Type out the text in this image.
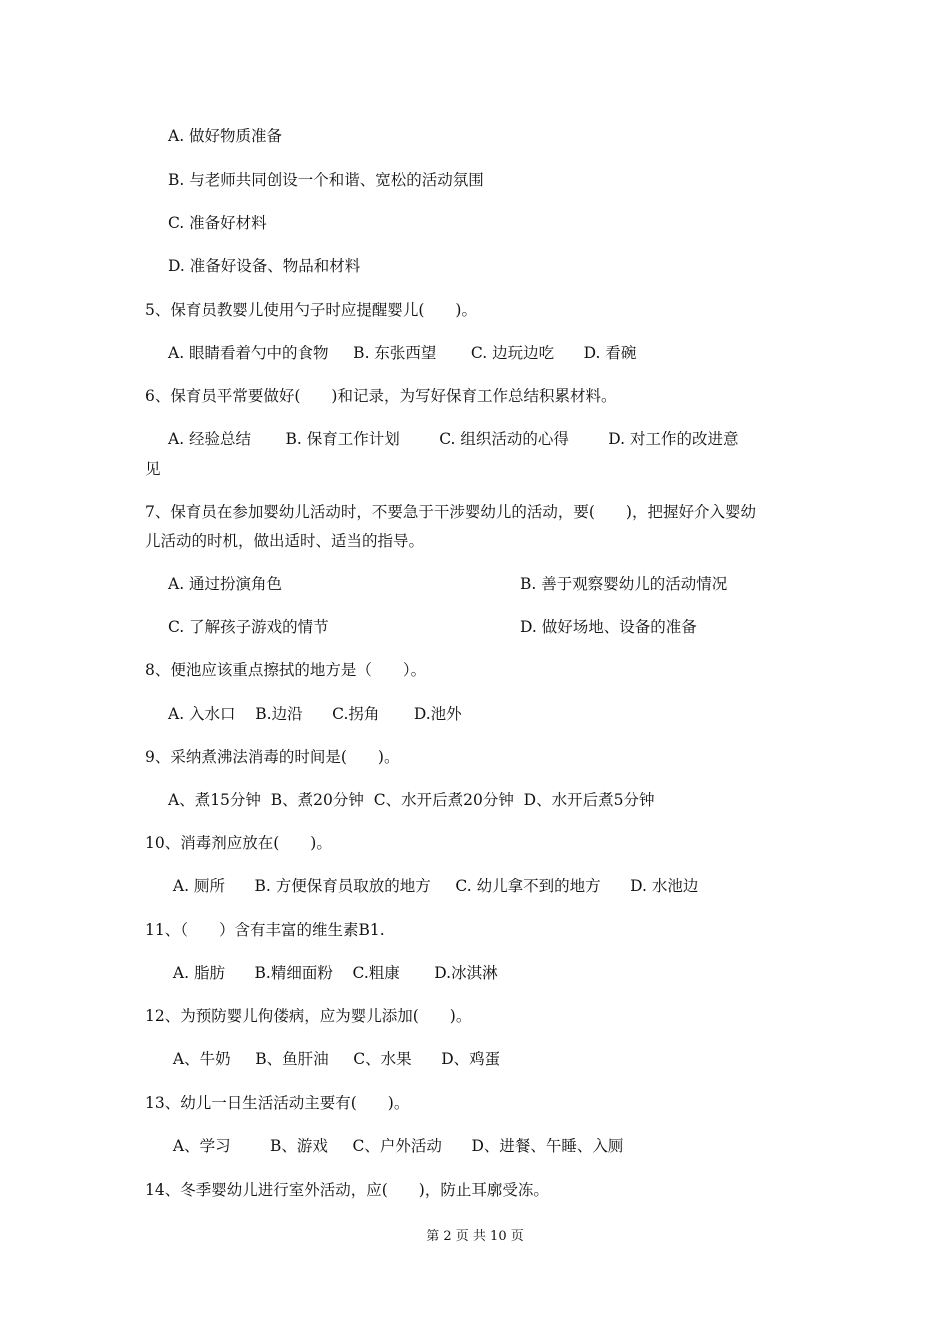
A. 做好物质准备
B. 与老师共同创设一个和谐、宽松的活动氛围
C. 准备好材料
D. 准备好设备、物品和材料
5、保育员教婴儿使用勺子时应提醒婴儿(　　)。
A. 眼睛看着勺中的食物     B. 东张西望       C. 边玩边吃      D. 看碗
6、保育员平常要做好(　　)和记录，为写好保育工作总结积累材料。
A. 经验总结       B. 保育工作计划        C. 组织活动的心得        D. 对工作的改进意
见
7、保育员在参加婴幼儿活动时，不要急于干涉婴幼儿的活动，要(　　)，把握好介入婴幼
儿活动的时机，做出适时、适当的指导。
A. 通过扮演角色	B. 善于观察婴幼儿的活动情况
C. 了解孩子游戏的情节	D. 做好场地、设备的准备
8、便池应该重点擦拭的地方是（　　）。
A. 入水口    B.边沿      C.拐角       D.池外
9、采纳煮沸法消毒的时间是(　　)。
A、煮15分钟  B、煮20分钟  C、水开后煮20分钟  D、水开后煮5分钟
10、消毒剂应放在(　　)。
A. 厕所      B. 方便保育员取放的地方     C. 幼儿拿不到的地方      D. 水池边
11、（　　）含有丰富的维生素B1.
A. 脂肪      B.精细面粉    C.粗康       D.冰淇淋
12、为预防婴儿佝偻病，应为婴儿添加(　　)。
A、牛奶     B、鱼肝油     C、水果      D、鸡蛋
13、幼儿一日生活活动主要有(　　)。
A、学习        B、游戏     C、户外活动      D、进餐、午睡、入厕
14、冬季婴幼儿进行室外活动，应(　　)，防止耳廓受冻。
第 2 页 共 10 页
